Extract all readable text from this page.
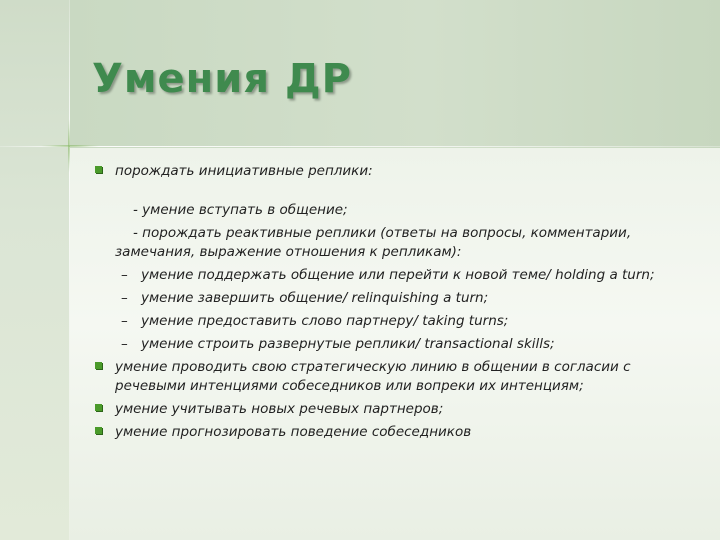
Умения ДР
порождать инициативные реплики:
- умение вступать в общение;
- порождать реактивные реплики (ответы на вопросы, комментарии, замечания, выражение отношения к репликам):
– умение поддержать общение или перейти к новой теме/ holding a turn;
– умение завершить общение/ relinquishing a turn;
– умение предоставить слово партнеру/ taking turns;
– умение строить развернутые реплики/ transactional skills;
умение проводить свою стратегическую линию в общении в согласии с речевыми интенциями собеседников или вопреки их интенциям;
умение учитывать новых речевых партнеров;
умение прогнозировать поведение собеседников
